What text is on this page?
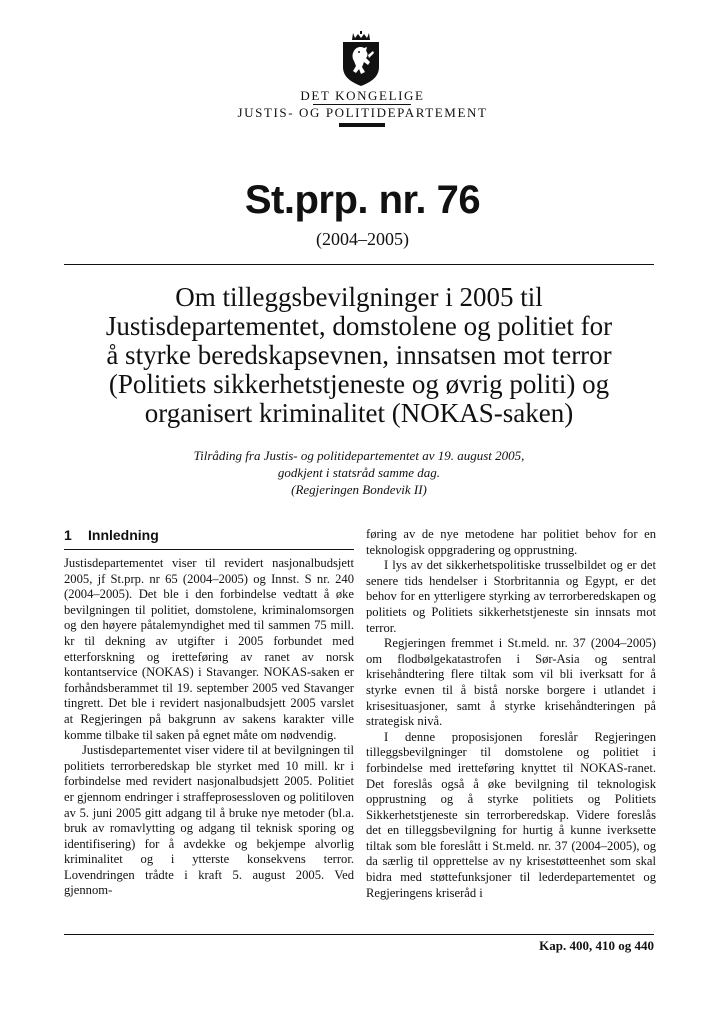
DET KONGELIGE
JUSTIS- OG POLITIDEPARTEMENT
St.prp. nr. 76
(2004–2005)
Om tilleggsbevilgninger i 2005 til
Justisdepartementet, domstolene og politiet for
å styrke beredskapsevnen, innsatsen mot terror
(Politiets sikkerhetstjeneste og øvrig politi) og
organisert kriminalitet (NOKAS-saken)
Tilråding fra Justis- og politidepartementet av 19. august 2005,
godkjent i statsråd samme dag.
(Regjeringen Bondevik II)
1 Innledning

Justisdepartementet viser til revidert nasjonalbudsjett 2005, jf St.prp. nr 65 (2004–2005) og Innst. S nr. 240 (2004–2005). Det ble i den forbindelse vedtatt å øke bevilgningen til politiet, domstolene, kriminalomsorgen og den høyere påtalemyndighet med til sammen 75 mill. kr til dekning av utgifter i 2005 forbundet med etterforskning og iretteføring av ranet av norsk kontantservice (NOKAS) i Stavanger. NOKAS-saken er forhåndsberammet til 19. september 2005 ved Stavanger tingrett. Det ble i revidert nasjonalbudsjett 2005 varslet at Regjeringen på bakgrunn av sakens karakter ville komme tilbake til saken på egnet måte om nødvendig.

Justisdepartementet viser videre til at bevilgningen til politiets terrorberedskap ble styrket med 10 mill. kr i forbindelse med revidert nasjonalbudsjett 2005. Politiet er gjennom endringer i straffeprosessloven og politiloven av 5. juni 2005 gitt adgang til å bruke nye metoder (bl.a. bruk av romavlytting og adgang til teknisk sporing og identifisering) for å avdekke og bekjempe alvorlig kriminalitet og i ytterste konsekvens terror. Lovendringen trådte i kraft 5. august 2005. Ved gjennom-

føring av de nye metodene har politiet behov for en teknologisk oppgradering og opprustning.

I lys av det sikkerhetspolitiske trusselbildet og er det senere tids hendelser i Storbritannia og Egypt, er det behov for en ytterligere styrking av terrorberedskapen og politiets og Politiets sikkerhetstjeneste sin innsats mot terror.

Regjeringen fremmet i St.meld. nr. 37 (2004–2005) om flodbølgekatastrofen i Sør-Asia og sentral krisehåndtering flere tiltak som vil bli iverksatt for å styrke evnen til å bistå norske borgere i utlandet i krisesituasjoner, samt å styrke krisehåndteringen på strategisk nivå.

I denne proposisjonen foreslår Regjeringen tilleggsbevilgninger til domstolene og politiet i forbindelse med iretteføring knyttet til NOKAS-ranet. Det foreslås også å øke bevilgning til teknologisk opprustning og å styrke politiets og Politiets Sikkerhetstjeneste sin terrorberedskap. Videre foreslås det en tilleggsbevilgning for hurtig å kunne iverksette tiltak som ble foreslått i St.meld. nr. 37 (2004–2005), og da særlig til opprettelse av ny krisestøtteenhet som skal bidra med støttefunksjoner til lederdepartementet og Regjeringens kriseråd i

Kap. 400, 410 og 440
